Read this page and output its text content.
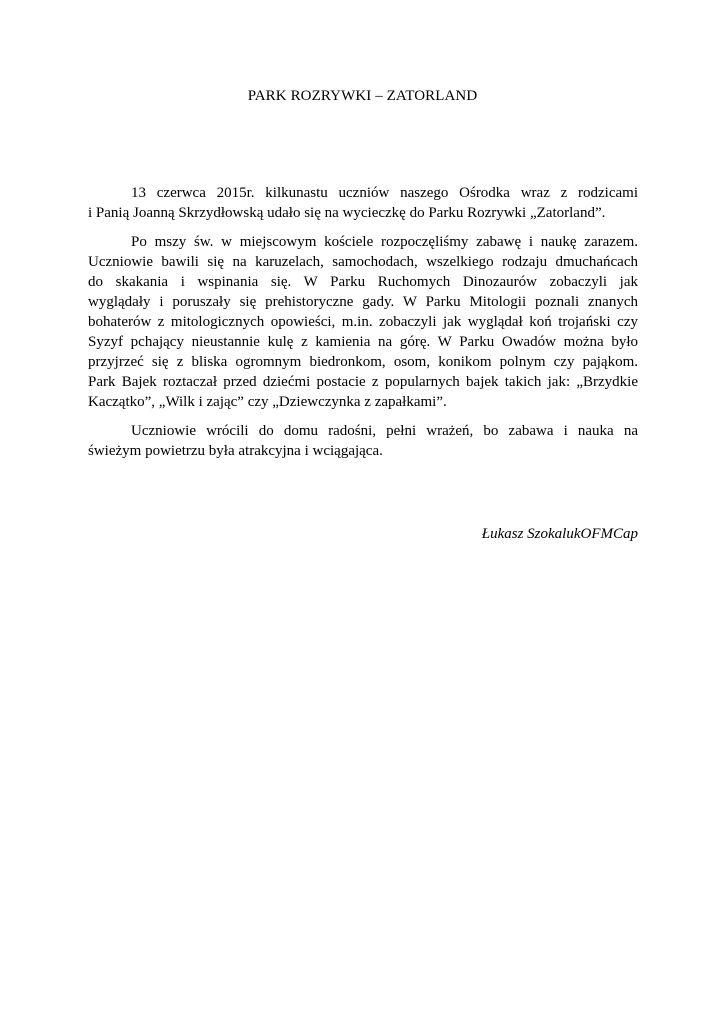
PARK ROZRYWKI – ZATORLAND

13 czerwca 2015r. kilkunastu uczniów naszego Ośrodka wraz z rodzicami
i Panią Joanną Skrzydłowską udało się na wycieczkę do Parku Rozrywki „Zatorland”.

Po mszy św. w miejscowym kościele rozpoczęliśmy zabawę i naukę zarazem.
Uczniowie bawili się na karuzelach, samochodach, wszelkiego rodzaju dmuchańcach
do skakania i wspinania się. W Parku Ruchomych Dinozaurów zobaczyli jak
wyglądały i poruszały się prehistoryczne gady. W Parku Mitologii poznali znanych
bohaterów z mitologicznych opowieści, m.in. zobaczyli jak wyglądał koń trojański czy
Syzyf pchający nieustannie kulę z kamienia na górę. W Parku Owadów można było
przyjrzeć się z bliska ogromnym biedronkom, osom, konikom polnym czy pająkom.
Park Bajek roztaczał przed dziećmi postacie z popularnych bajek takich jak: „Brzydkie
Kaczątko”, „Wilk i zając” czy „Dziewczynka z zapałkami”.

Uczniowie wrócili do domu radośni, pełni wrażeń, bo zabawa i nauka na
świeżym powietrzu była atrakcyjna i wciągająca.

Łukasz SzokalukOFMCap
